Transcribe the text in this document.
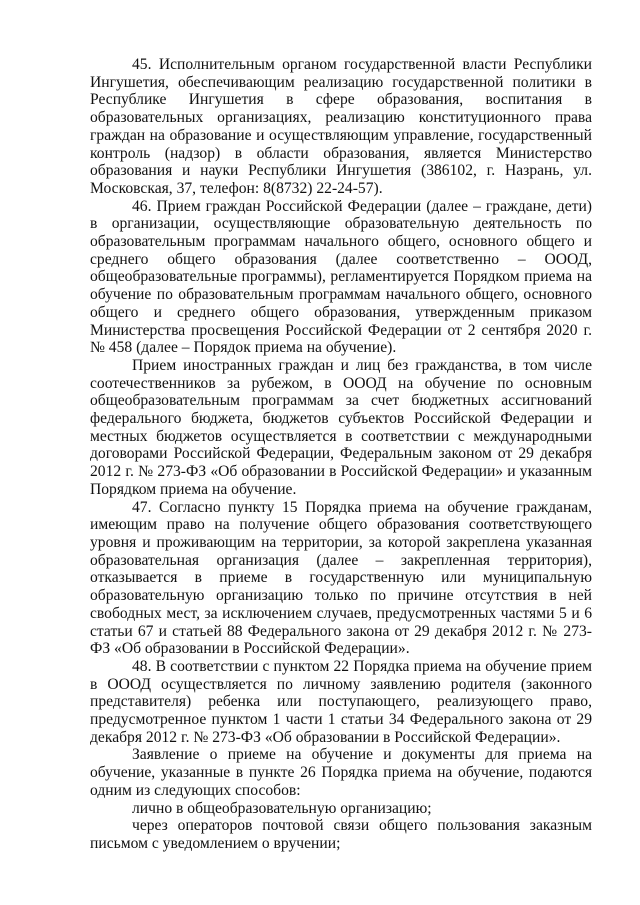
45. Исполнительным органом государственной власти Республики Ингушетия, обеспечивающим реализацию государственной политики в Республике Ингушетия в сфере образования, воспитания в образовательных организациях, реализацию конституционного права граждан на образование и осуществляющим управление, государственный контроль (надзор) в области образования, является Министерство образования и науки Республики Ингушетия (386102, г. Назрань, ул. Московская, 37, телефон: 8(8732) 22-24-57).

46. Прием граждан Российской Федерации (далее – граждане, дети) в организации, осуществляющие образовательную деятельность по образовательным программам начального общего, основного общего и среднего общего образования (далее соответственно – ОООД, общеобразовательные программы), регламентируется Порядком приема на обучение по образовательным программам начального общего, основного общего и среднего общего образования, утвержденным приказом Министерства просвещения Российской Федерации от 2 сентября 2020 г. № 458 (далее – Порядок приема на обучение).

Прием иностранных граждан и лиц без гражданства, в том числе соотечественников за рубежом, в ОООД на обучение по основным общеобразовательным программам за счет бюджетных ассигнований федерального бюджета, бюджетов субъектов Российской Федерации и местных бюджетов осуществляется в соответствии с международными договорами Российской Федерации, Федеральным законом от 29 декабря 2012 г. № 273-ФЗ «Об образовании в Российской Федерации» и указанным Порядком приема на обучение.

47. Согласно пункту 15 Порядка приема на обучение гражданам, имеющим право на получение общего образования соответствующего уровня и проживающим на территории, за которой закреплена указанная образовательная организация (далее – закрепленная территория), отказывается в приеме в государственную или муниципальную образовательную организацию только по причине отсутствия в ней свободных мест, за исключением случаев, предусмотренных частями 5 и 6 статьи 67 и статьей 88 Федерального закона от 29 декабря 2012 г. № 273-ФЗ «Об образовании в Российской Федерации».

48. В соответствии с пунктом 22 Порядка приема на обучение прием в ОООД осуществляется по личному заявлению родителя (законного представителя) ребенка или поступающего, реализующего право, предусмотренное пунктом 1 части 1 статьи 34 Федерального закона от 29 декабря 2012 г. № 273-ФЗ «Об образовании в Российской Федерации».

Заявление о приеме на обучение и документы для приема на обучение, указанные в пункте 26 Порядка приема на обучение, подаются одним из следующих способов:

лично в общеобразовательную организацию;

через операторов почтовой связи общего пользования заказным письмом с уведомлением о вручении;
